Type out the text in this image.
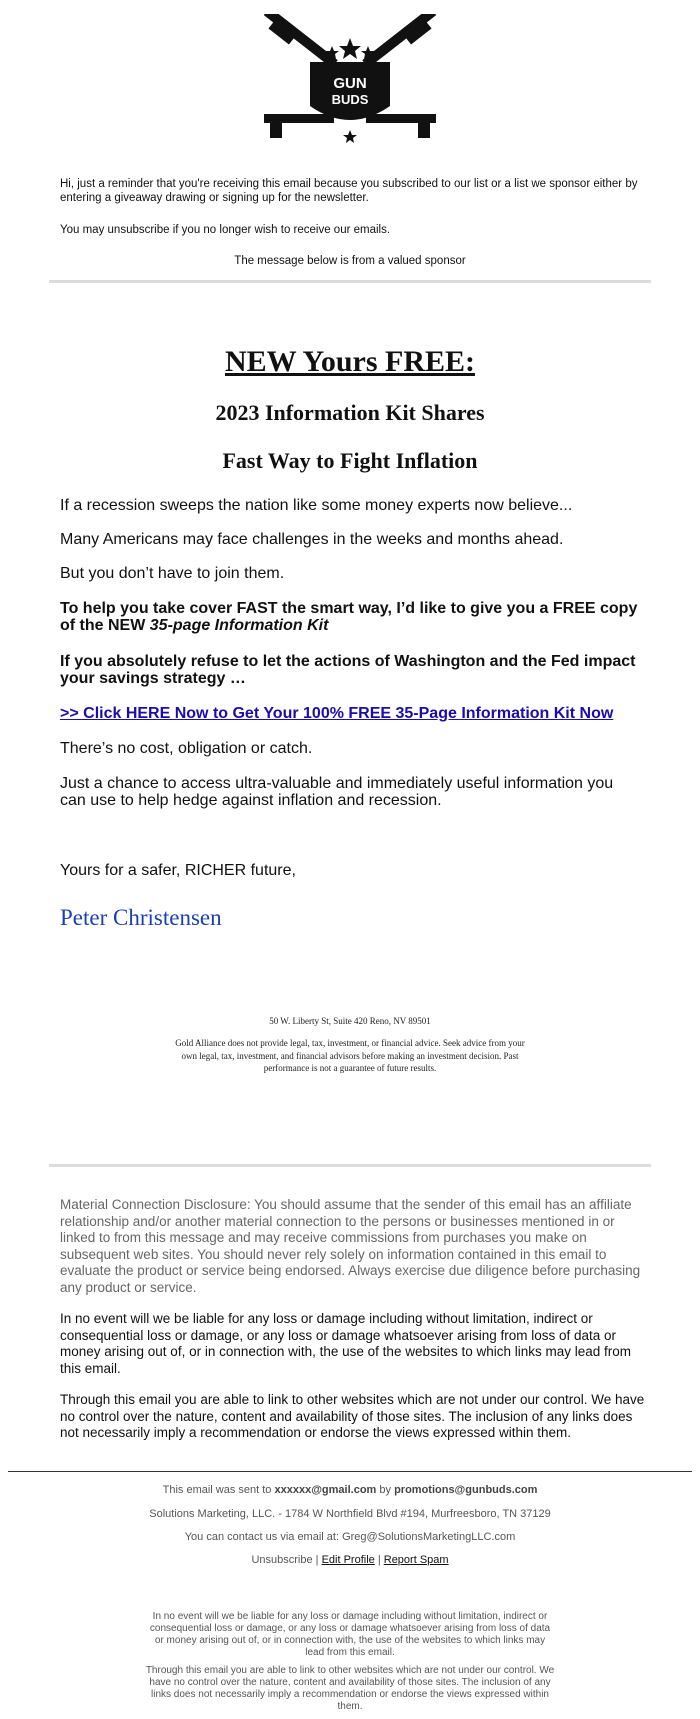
GUN
BUDS
Hi, just a reminder that you're receiving this email because you subscribed to our list or a list we sponsor either by entering a giveaway drawing or signing up for the newsletter.
You may unsubscribe if you no longer wish to receive our emails.
The message below is from a valued sponsor
NEW Yours FREE:
2023 Information Kit Shares
Fast Way to Fight Inflation
If a recession sweeps the nation like some money experts now believe...
Many Americans may face challenges in the weeks and months ahead.
But you don’t have to join them.
To help you take cover FAST the smart way, I’d like to give you a FREE copy of the NEW 35-page Information Kit
If you absolutely refuse to let the actions of Washington and the Fed impact your savings strategy …
>> Click HERE Now to Get Your 100% FREE 35-Page Information Kit Now
There’s no cost, obligation or catch.
Just a chance to access ultra-valuable and immediately useful information you can use to help hedge against inflation and recession.
Yours for a safer, RICHER future,
Peter Christensen
50 W. Liberty St, Suite 420 Reno, NV 89501
Gold Alliance does not provide legal, tax, investment, or financial advice. Seek advice from your own legal, tax, investment, and financial advisors before making an investment decision. Past performance is not a guarantee of future results.
Material Connection Disclosure: You should assume that the sender of this email has an affiliate relationship and/or another material connection to the persons or businesses mentioned in or linked to from this message and may receive commissions from purchases you make on subsequent web sites. You should never rely solely on information contained in this email to evaluate the product or service being endorsed. Always exercise due diligence before purchasing any product or service.
In no event will we be liable for any loss or damage including without limitation, indirect or consequential loss or damage, or any loss or damage whatsoever arising from loss of data or money arising out of, or in connection with, the use of the websites to which links may lead from this email.
Through this email you are able to link to other websites which are not under our control. We have no control over the nature, content and availability of those sites. The inclusion of any links does not necessarily imply a recommendation or endorse the views expressed within them.
This email was sent to xxxxxx@gmail.com by promotions@gunbuds.com
Solutions Marketing, LLC. - 1784 W Northfield Blvd #194, Murfreesboro, TN 37129
You can contact us via email at: Greg@SolutionsMarketingLLC.com
Unsubscribe | Edit Profile | Report Spam
In no event will we be liable for any loss or damage including without limitation, indirect or consequential loss or damage, or any loss or damage whatsoever arising from loss of data or money arising out of, or in connection with, the use of the websites to which links may lead from this email.
Through this email you are able to link to other websites which are not under our control. We have no control over the nature, content and availability of those sites. The inclusion of any links does not necessarily imply a recommendation or endorse the views expressed within them.
